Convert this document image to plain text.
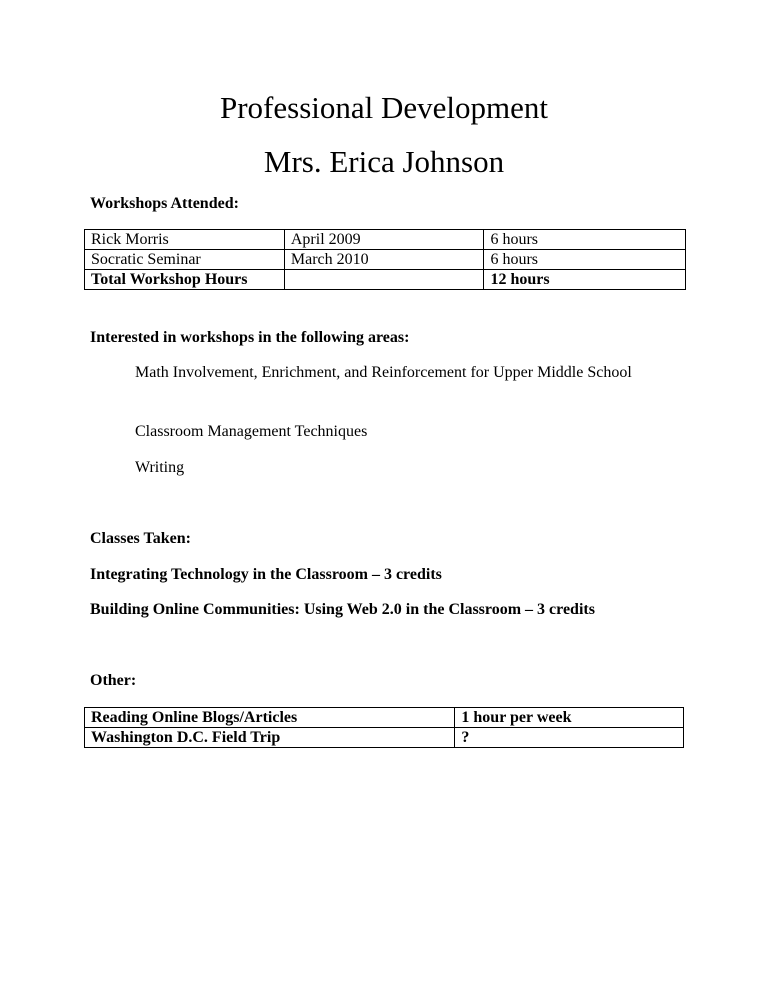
Professional Development
Mrs. Erica Johnson

Workshops Attended:

Rick Morris	April 2009	6 hours
Socratic Seminar	March 2010	6 hours
Total Workshop Hours		12 hours

Interested in workshops in the following areas:

Math Involvement, Enrichment, and Reinforcement for Upper Middle School

Classroom Management Techniques

Writing

Classes Taken:

Integrating Technology in the Classroom – 3 credits

Building Online Communities: Using Web 2.0 in the Classroom – 3 credits

Other:

Reading Online Blogs/Articles	1 hour per week
Washington D.C. Field Trip	?
